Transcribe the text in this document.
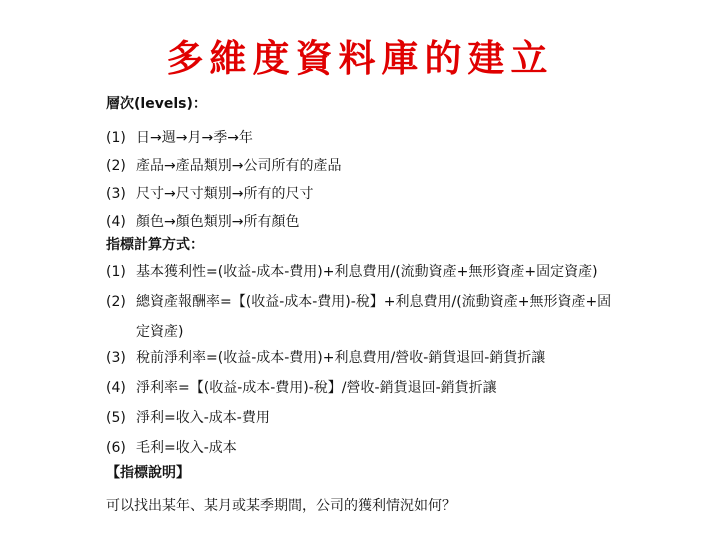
多維度資料庫的建立
層次(levels)：
(1) 日→週→月→季→年
(2) 產品→產品類別→公司所有的產品
(3) 尺寸→尺寸類別→所有的尺寸
(4) 顏色→顏色類別→所有顏色
指標計算方式：
(1) 基本獲利性=(收益-成本-費用)+利息費用/(流動資產+無形資產+固定資產)
(2) 總資產報酬率=【(收益-成本-費用)-稅】+利息費用/(流動資產+無形資產+固
定資產)
(3) 稅前淨利率=(收益-成本-費用)+利息費用/營收-銷貨退回-銷貨折讓
(4) 淨利率=【(收益-成本-費用)-稅】/營收-銷貨退回-銷貨折讓
(5) 淨利=收入-成本-費用
(6) 毛利=收入-成本
【指標說明】
可以找出某年、某月或某季期間，公司的獲利情況如何？
